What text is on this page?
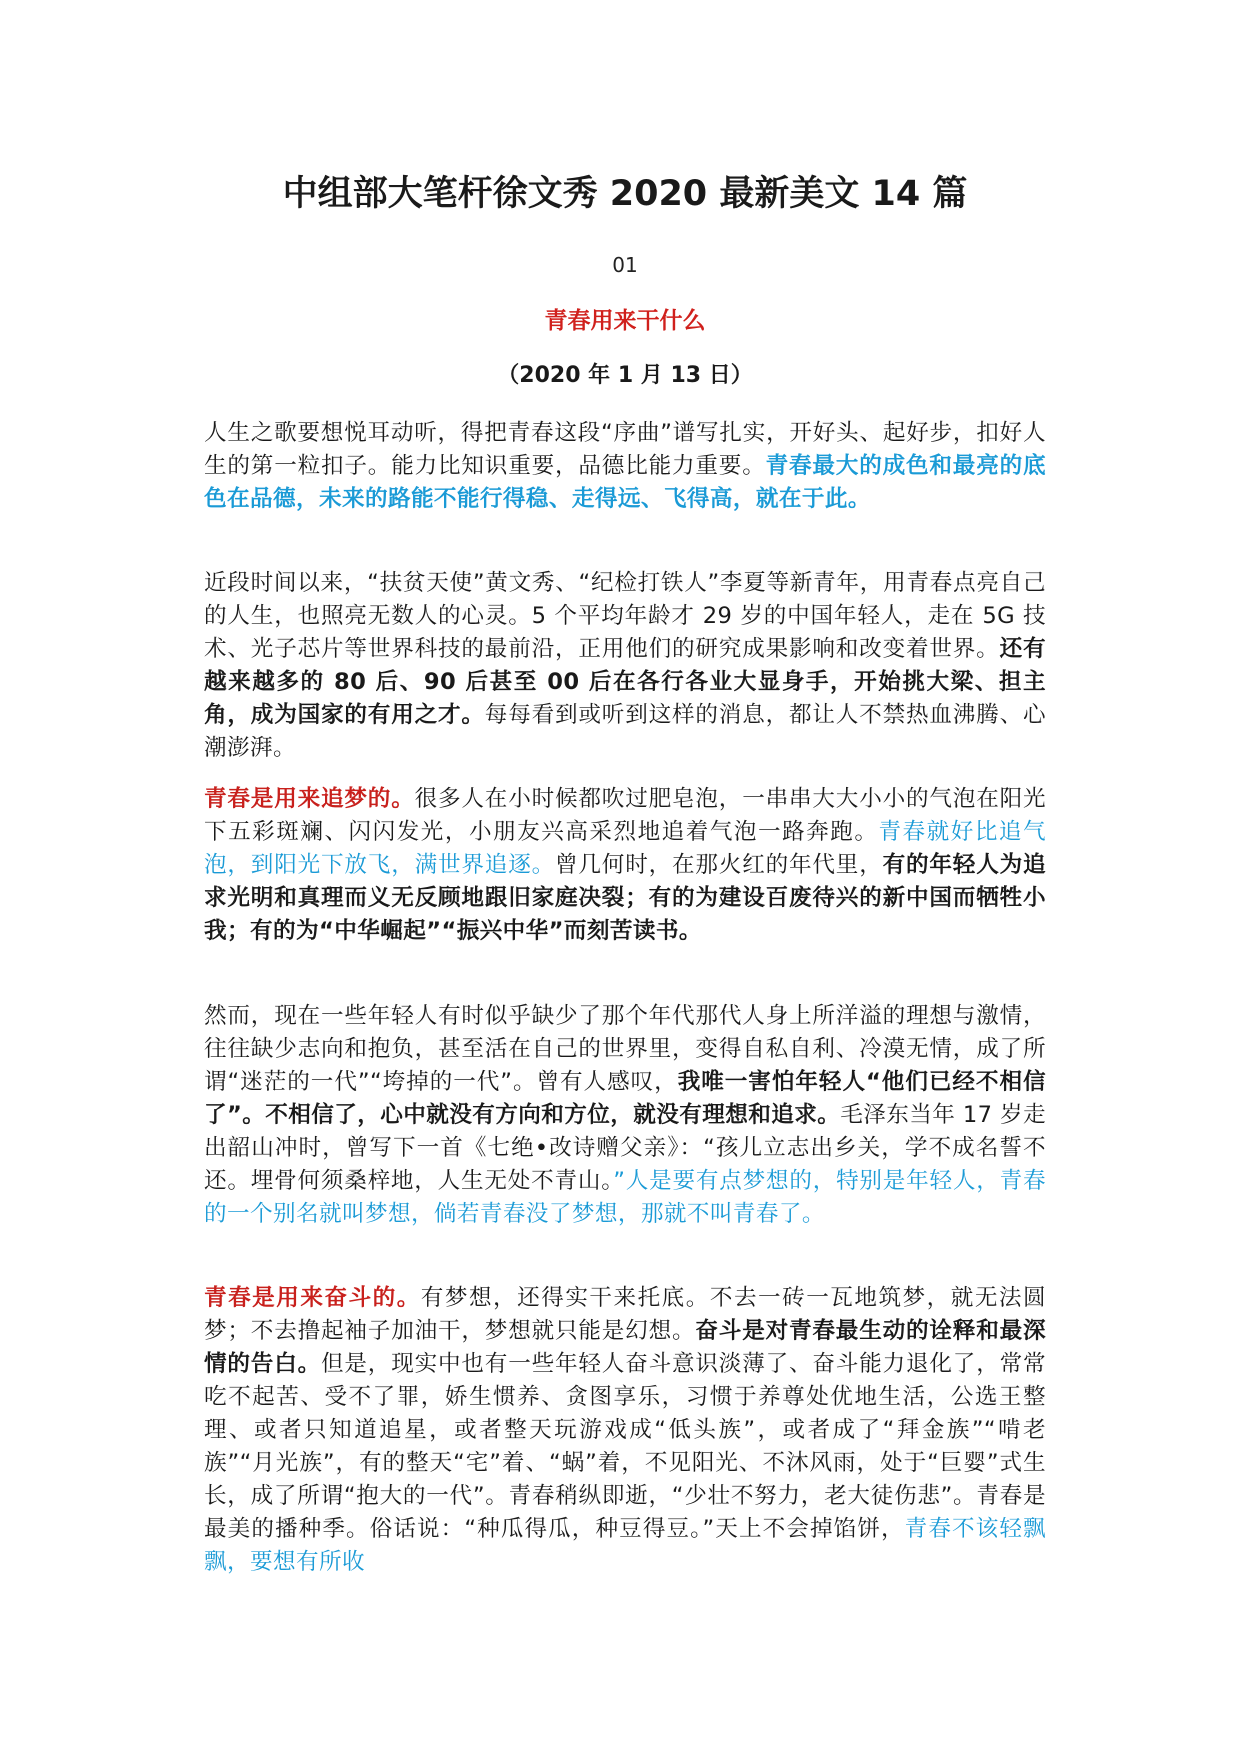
中组部大笔杆徐文秀 2020 最新美文 14 篇
01
青春用来干什么
（2020 年 1 月 13 日）

人生之歌要想悦耳动听，得把青春这段“序曲”谱写扎实，开好头、起好步，扣好人生的第一粒扣子。能力比知识重要，品德比能力重要。青春最大的成色和最亮的底色在品德，未来的路能不能行得稳、走得远、飞得高，就在于此。

近段时间以来，“扶贫天使”黄文秀、“纪检打铁人”李夏等新青年，用青春点亮自己的人生，也照亮无数人的心灵。5 个平均年龄才 29 岁的中国年轻人，走在 5G 技术、光子芯片等世界科技的最前沿，正用他们的研究成果影响和改变着世界。还有越来越多的 80 后、90 后甚至 00 后在各行各业大显身手，开始挑大梁、担主角，成为国家的有用之才。每每看到或听到这样的消息，都让人不禁热血沸腾、心潮澎湃。

青春是用来追梦的。很多人在小时候都吹过肥皂泡，一串串大大小小的气泡在阳光下五彩斑斓、闪闪发光，小朋友兴高采烈地追着气泡一路奔跑。青春就好比追气泡，到阳光下放飞，满世界追逐。曾几何时，在那火红的年代里，有的年轻人为追求光明和真理而义无反顾地跟旧家庭决裂；有的为建设百废待兴的新中国而牺牲小我；有的为“中华崛起”“振兴中华”而刻苦读书。

然而，现在一些年轻人有时似乎缺少了那个年代那代人身上所洋溢的理想与激情，往往缺少志向和抱负，甚至活在自己的世界里，变得自私自利、冷漠无情，成了所谓“迷茫的一代”“垮掉的一代”。曾有人感叹，我唯一害怕年轻人“他们已经不相信了”。不相信了，心中就没有方向和方位，就没有理想和追求。毛泽东当年 17 岁走出韶山冲时，曾写下一首《七绝•改诗赠父亲》：“孩儿立志出乡关，学不成名誓不还。埋骨何须桑梓地，人生无处不青山。”人是要有点梦想的，特别是年轻人，青春的一个别名就叫梦想，倘若青春没了梦想，那就不叫青春了。

青春是用来奋斗的。有梦想，还得实干来托底。不去一砖一瓦地筑梦，就无法圆梦；不去撸起袖子加油干，梦想就只能是幻想。奋斗是对青春最生动的诠释和最深情的告白。但是，现实中也有一些年轻人奋斗意识淡薄了、奋斗能力退化了，常常吃不起苦、受不了罪，娇生惯养、贪图享乐，习惯于养尊处优地生活，公选王整理、或者只知道追星，或者整天玩游戏成“低头族”，或者成了“拜金族”“啃老族”“月光族”，有的整天“宅”着、“蜗”着，不见阳光、不沐风雨，处于“巨婴”式生长，成了所谓“抱大的一代”。青春稍纵即逝，“少壮不努力，老大徒伤悲”。青春是最美的播种季。俗话说：“种瓜得瓜，种豆得豆。”天上不会掉馅饼，青春不该轻飘飘，要想有所收
